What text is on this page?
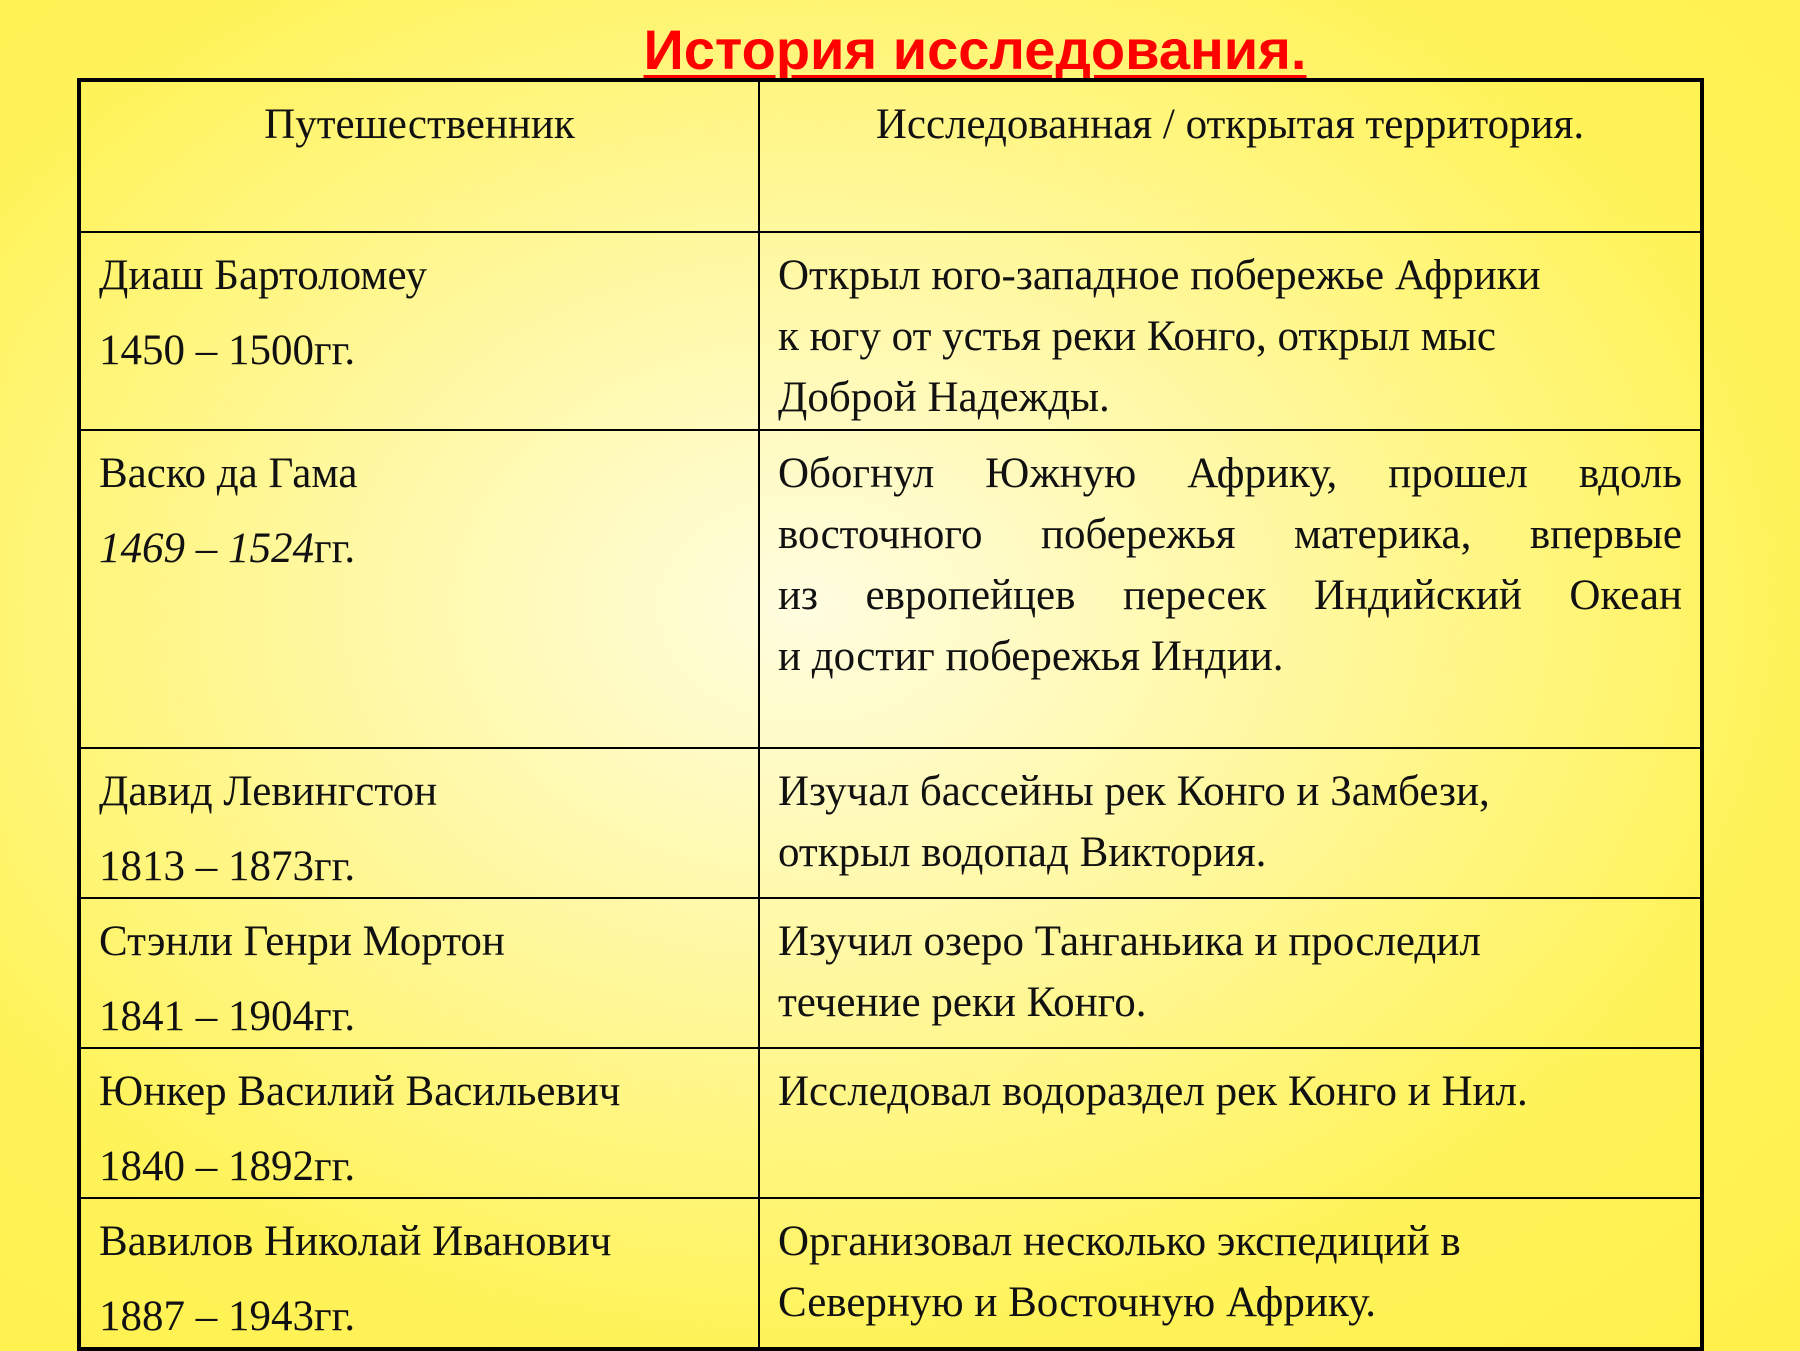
История исследования.
Путешественник	Исследованная / открытая территория.

Диаш Бартоломеу
1450 – 1500гг.	Открыл юго-западное побережье Африки
к югу от устья реки Конго, открыл мыс
Доброй Надежды.

Васко да Гама
1469 – 1524гг.	Обогнул Южную Африку, прошел вдоль
восточного побережья материка, впервые
из европейцев пересек Индийский Океан
и достиг побережья Индии.

Давид Левингстон
1813 – 1873гг.	Изучал бассейны рек Конго и Замбези,
открыл водопад Виктория.

Стэнли Генри Мортон
1841 – 1904гг.	Изучил озеро Танганьика и проследил
течение реки Конго.

Юнкер Василий Васильевич
1840 – 1892гг.	Исследовал водораздел рек Конго и Нил.

Вавилов Николай Иванович
1887 – 1943гг.	Организовал несколько экспедиций в
Северную и Восточную Африку.
